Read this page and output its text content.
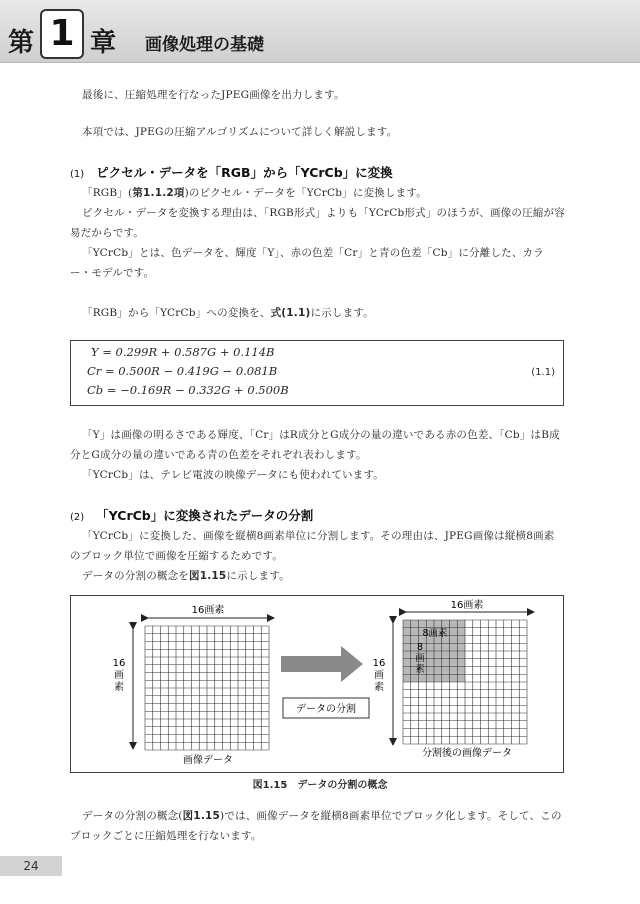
第 1 章 画像処理の基礎

最後に、圧縮処理を行なったJPEG画像を出力します。

本項では、JPEGの圧縮アルゴリズムについて詳しく解説します。

(1) ピクセル・データを「RGB」から「YCrCb」に変換

「RGB」(第1.1.2項)のピクセル・データを「YCrCb」に変換します。

ピクセル・データを変換する理由は、「RGB形式」よりも「YCrCb形式」のほうが、画像の圧縮が容易だからです。

「YCrCb」とは、色データを、輝度「Y」、赤の色差「Cr」と青の色差「Cb」に分離した、カラー・モデルです。

「RGB」から「YCrCb」への変換を、式(1.1)に示します。

Y = 0.299R + 0.587G + 0.114B
Cr = 0.500R − 0.419G − 0.081B
Cb = −0.169R − 0.332G + 0.500B
(1.1)

「Y」は画像の明るさである輝度、「Cr」はR成分とG成分の量の違いである赤の色差、「Cb」はB成分とG成分の量の違いである青の色差をそれぞれ表わします。

「YCrCb」は、テレビ電波の映像データにも使われています。

(2) 「YCrCb」に変換されたデータの分割

「YCrCb」に変換した、画像を縦横8画素単位に分割します。その理由は、JPEG画像は縦横8画素のブロック単位で画像を圧縮するためです。

データの分割の概念を図1.15に示します。

16画素
16 画素
画像データ
データの分割
16画素
16 画素
8画素
8 画素
分割後の画像データ
図1.15　データの分割の概念

データの分割の概念(図1.15)では、画像データを縦横8画素単位でブロック化します。そして、このブロックごとに圧縮処理を行ないます。

24
